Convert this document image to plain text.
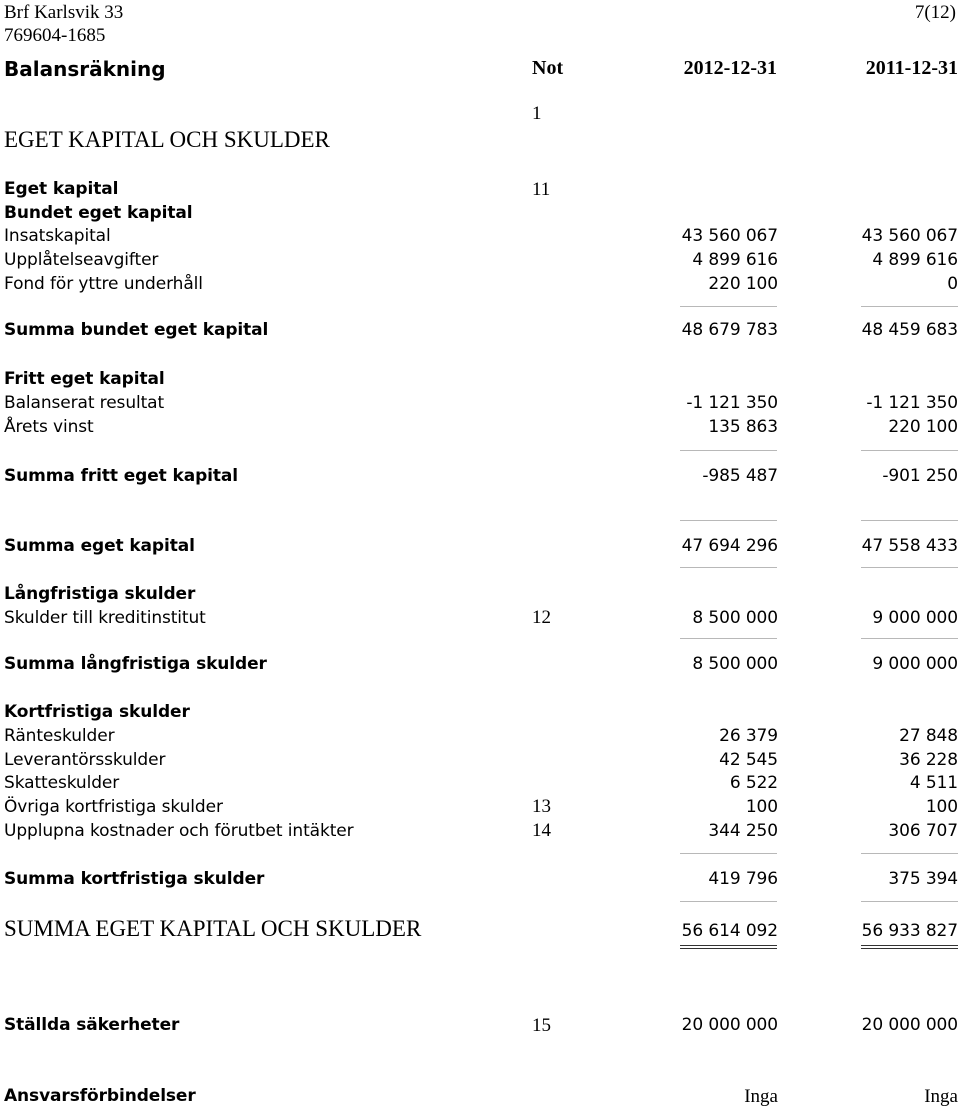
Brf Karlsvik 33
769604-1685
7(12)
Balansräkning	Not	2012-12-31	2011-12-31
1
EGET KAPITAL OCH SKULDER
Eget kapital	11
Bundet eget kapital
Insatskapital	43 560 067	43 560 067
Upplåtelseavgifter	4 899 616	4 899 616
Fond för yttre underhåll	220 100	0
Summa bundet eget kapital	48 679 783	48 459 683
Fritt eget kapital
Balanserat resultat	-1 121 350	-1 121 350
Årets vinst	135 863	220 100
Summa fritt eget kapital	-985 487	-901 250
Summa eget kapital	47 694 296	47 558 433
Långfristiga skulder
Skulder till kreditinstitut	12	8 500 000	9 000 000
Summa långfristiga skulder	8 500 000	9 000 000
Kortfristiga skulder
Ränteskulder	26 379	27 848
Leverantörsskulder	42 545	36 228
Skatteskulder	6 522	4 511
Övriga kortfristiga skulder	13	100	100
Upplupna kostnader och förutbet intäkter	14	344 250	306 707
Summa kortfristiga skulder	419 796	375 394
SUMMA EGET KAPITAL OCH SKULDER	56 614 092	56 933 827
Ställda säkerheter	15	20 000 000	20 000 000
Ansvarsförbindelser	Inga	Inga
